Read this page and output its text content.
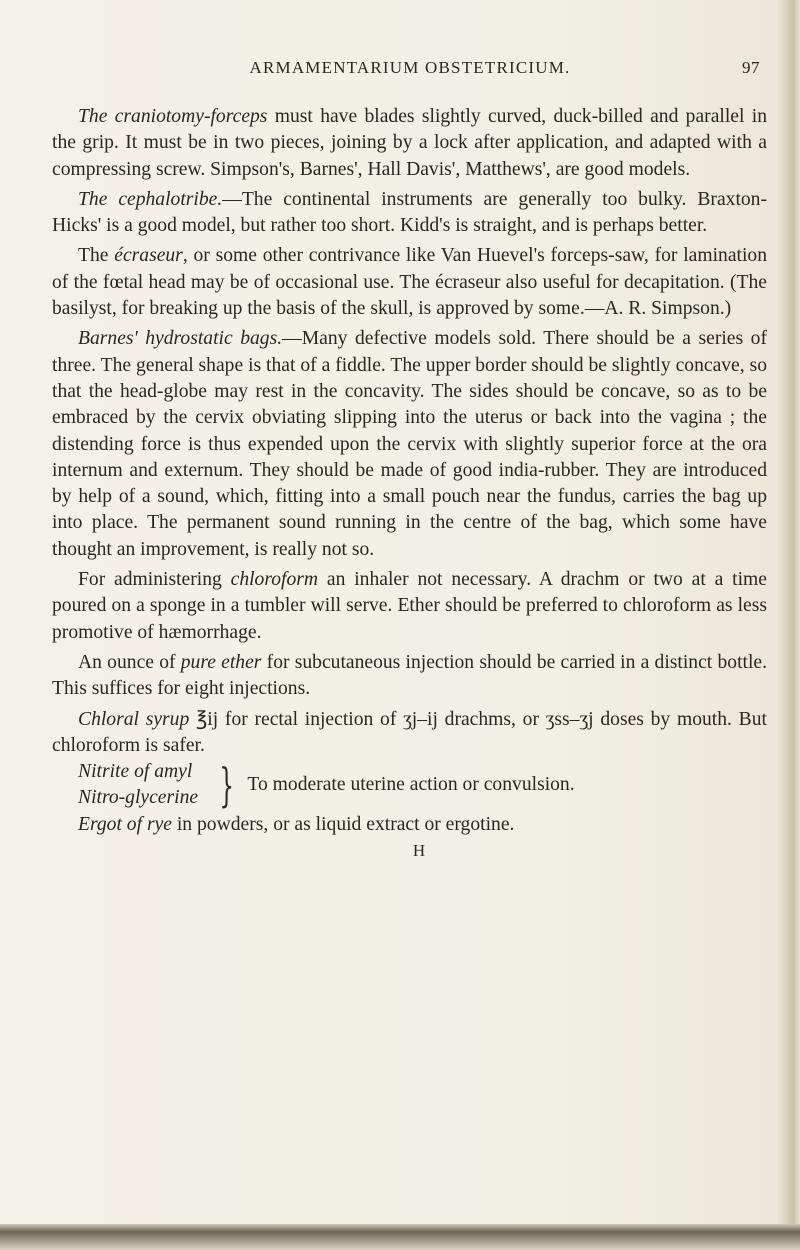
ARMAMENTARIUM OBSTETRICIUM.	97

The craniotomy-forceps must have blades slightly curved, duck-billed and parallel in the grip. It must be in two pieces, joining by a lock after application, and adapted with a compressing screw. Simpson's, Barnes', Hall Davis', Matthews', are good models.

The cephalotribe.—The continental instruments are generally too bulky. Braxton-Hicks' is a good model, but rather too short. Kidd's is straight, and is perhaps better.

The écraseur, or some other contrivance like Van Huevel's forceps-saw, for lamination of the fœtal head may be of occasional use. The écraseur also useful for decapitation. (The basilyst, for breaking up the basis of the skull, is approved by some.—A. R. Simpson.)

Barnes' hydrostatic bags.—Many defective models sold. There should be a series of three. The general shape is that of a fiddle. The upper border should be slightly concave, so that the head-globe may rest in the concavity. The sides should be concave, so as to be embraced by the cervix obviating slipping into the uterus or back into the vagina ; the distending force is thus expended upon the cervix with slightly superior force at the ora internum and externum. They should be made of good india-rubber. They are introduced by help of a sound, which, fitting into a small pouch near the fundus, carries the bag up into place. The permanent sound running in the centre of the bag, which some have thought an improvement, is really not so.

For administering chloroform an inhaler not necessary. A drachm or two at a time poured on a sponge in a tumbler will serve. Ether should be preferred to chloroform as less promotive of hæmorrhage.

An ounce of pure ether for subcutaneous injection should be carried in a distinct bottle. This suffices for eight injections.

Chloral syrup ℥ij for rectal injection of ʒj–ij drachms, or ʒss–ʒj doses by mouth. But chloroform is safer.

Nitrite of amyl
Nitro-glycerine } To moderate uterine action or convulsion.

Ergot of rye in powders, or as liquid extract or ergotine.

H
